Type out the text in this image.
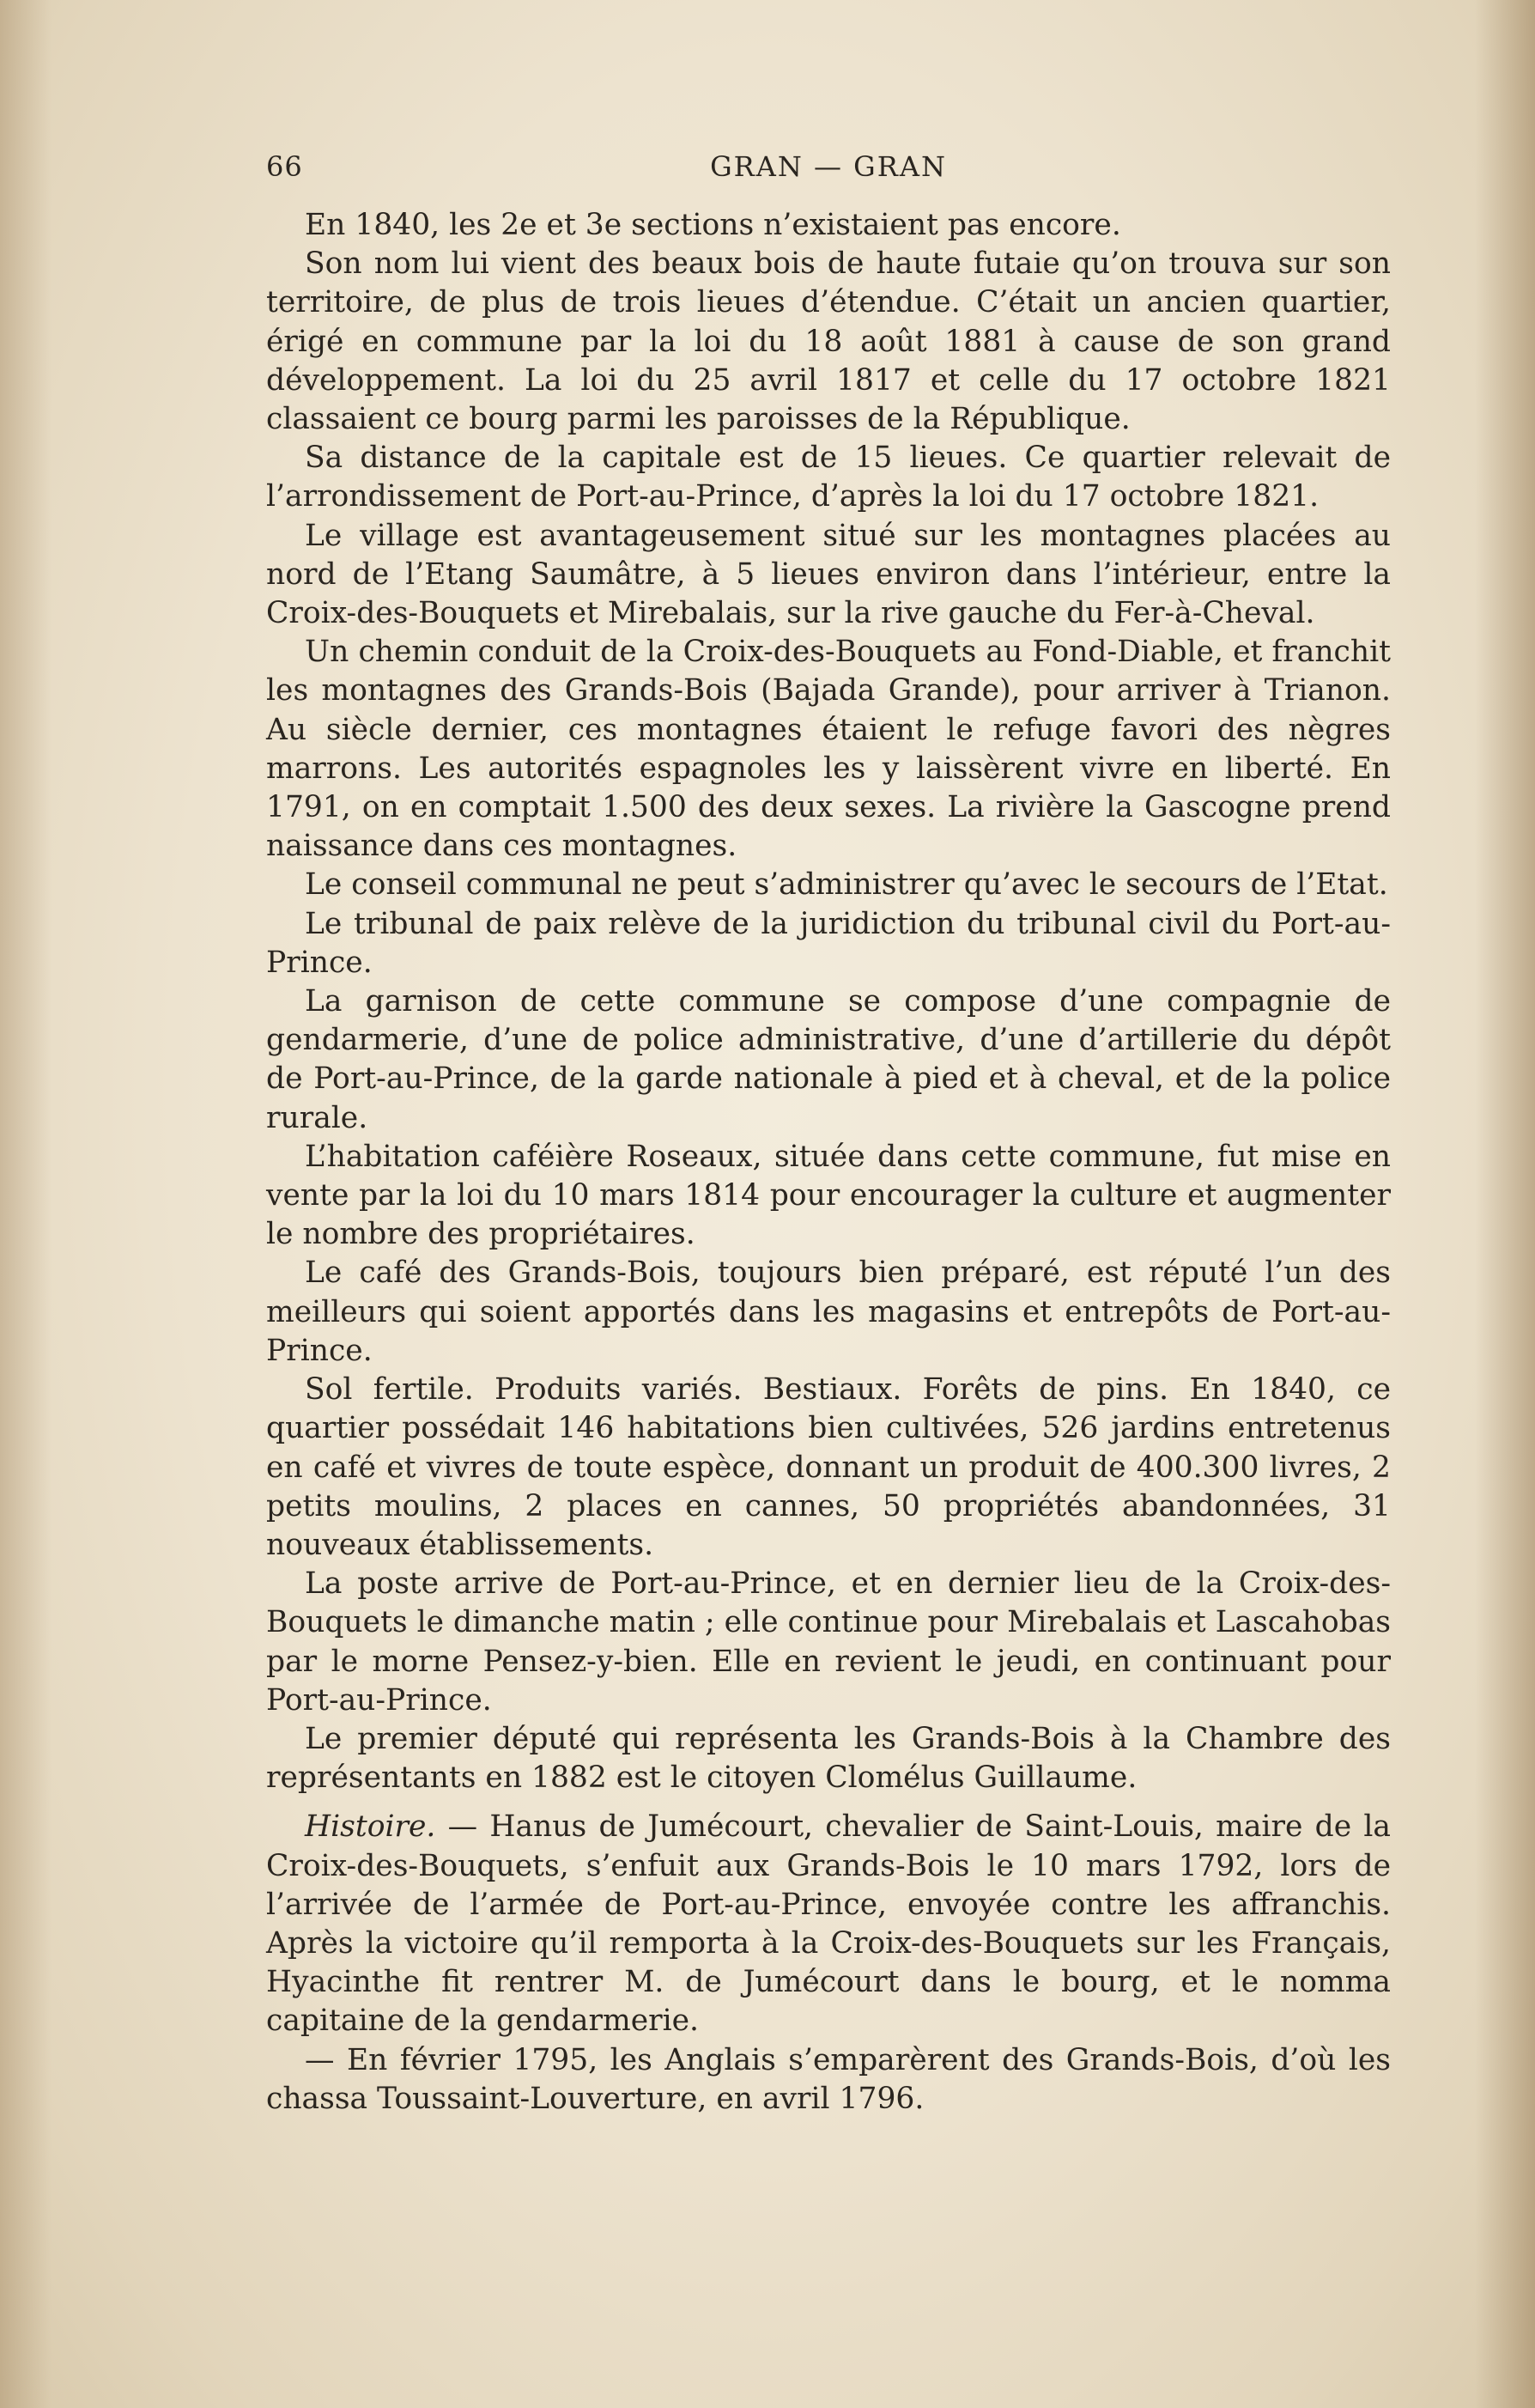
66	GRAN — GRAN

En 1840, les 2e et 3e sections n’existaient pas encore.

Son nom lui vient des beaux bois de haute futaie qu’on trouva sur son territoire, de plus de trois lieues d’étendue. C’était un ancien quartier, érigé en commune par la loi du 18 août 1881 à cause de son grand développement. La loi du 25 avril 1817 et celle du 17 octobre 1821 classaient ce bourg parmi les paroisses de la République.

Sa distance de la capitale est de 15 lieues. Ce quartier relevait de l’arrondissement de Port-au-Prince, d’après la loi du 17 octobre 1821.

Le village est avantageusement situé sur les montagnes placées au nord de l’Etang Saumâtre, à 5 lieues environ dans l’intérieur, entre la Croix-des-Bouquets et Mirebalais, sur la rive gauche du Fer-à-Cheval.

Un chemin conduit de la Croix-des-Bouquets au Fond-Diable, et franchit les montagnes des Grands-Bois (Bajada Grande), pour arriver à Trianon. Au siècle dernier, ces montagnes étaient le refuge favori des nègres marrons. Les autorités espagnoles les y laissèrent vivre en liberté. En 1791, on en comptait 1.500 des deux sexes. La rivière la Gascogne prend naissance dans ces montagnes.

Le conseil communal ne peut s’administrer qu’avec le secours de l’Etat.

Le tribunal de paix relève de la juridiction du tribunal civil du Port-au-Prince.

La garnison de cette commune se compose d’une compagnie de gendarmerie, d’une de police administrative, d’une d’artillerie du dépôt de Port-au-Prince, de la garde nationale à pied et à cheval, et de la police rurale.

L’habitation caféière Roseaux, située dans cette commune, fut mise en vente par la loi du 10 mars 1814 pour encourager la culture et augmenter le nombre des propriétaires.

Le café des Grands-Bois, toujours bien préparé, est réputé l’un des meilleurs qui soient apportés dans les magasins et entrepôts de Port-au-Prince.

Sol fertile. Produits variés. Bestiaux. Forêts de pins. En 1840, ce quartier possédait 146 habitations bien cultivées, 526 jardins entretenus en café et vivres de toute espèce, donnant un produit de 400.300 livres, 2 petits moulins, 2 places en cannes, 50 propriétés abandonnées, 31 nouveaux établissements.

La poste arrive de Port-au-Prince, et en dernier lieu de la Croix-des-Bouquets le dimanche matin ; elle continue pour Mirebalais et Lascahobas par le morne Pensez-y-bien. Elle en revient le jeudi, en continuant pour Port-au-Prince.

Le premier député qui représenta les Grands-Bois à la Chambre des représentants en 1882 est le citoyen Clomélus Guillaume.

Histoire. — Hanus de Jumécourt, chevalier de Saint-Louis, maire de la Croix-des-Bouquets, s’enfuit aux Grands-Bois le 10 mars 1792, lors de l’arrivée de l’armée de Port-au-Prince, envoyée contre les affranchis. Après la victoire qu’il remporta à la Croix-des-Bouquets sur les Français, Hyacinthe fit rentrer M. de Jumécourt dans le bourg, et le nomma capitaine de la gendarmerie.

— En février 1795, les Anglais s’emparèrent des Grands-Bois, d’où les chassa Toussaint-Louverture, en avril 1796.
